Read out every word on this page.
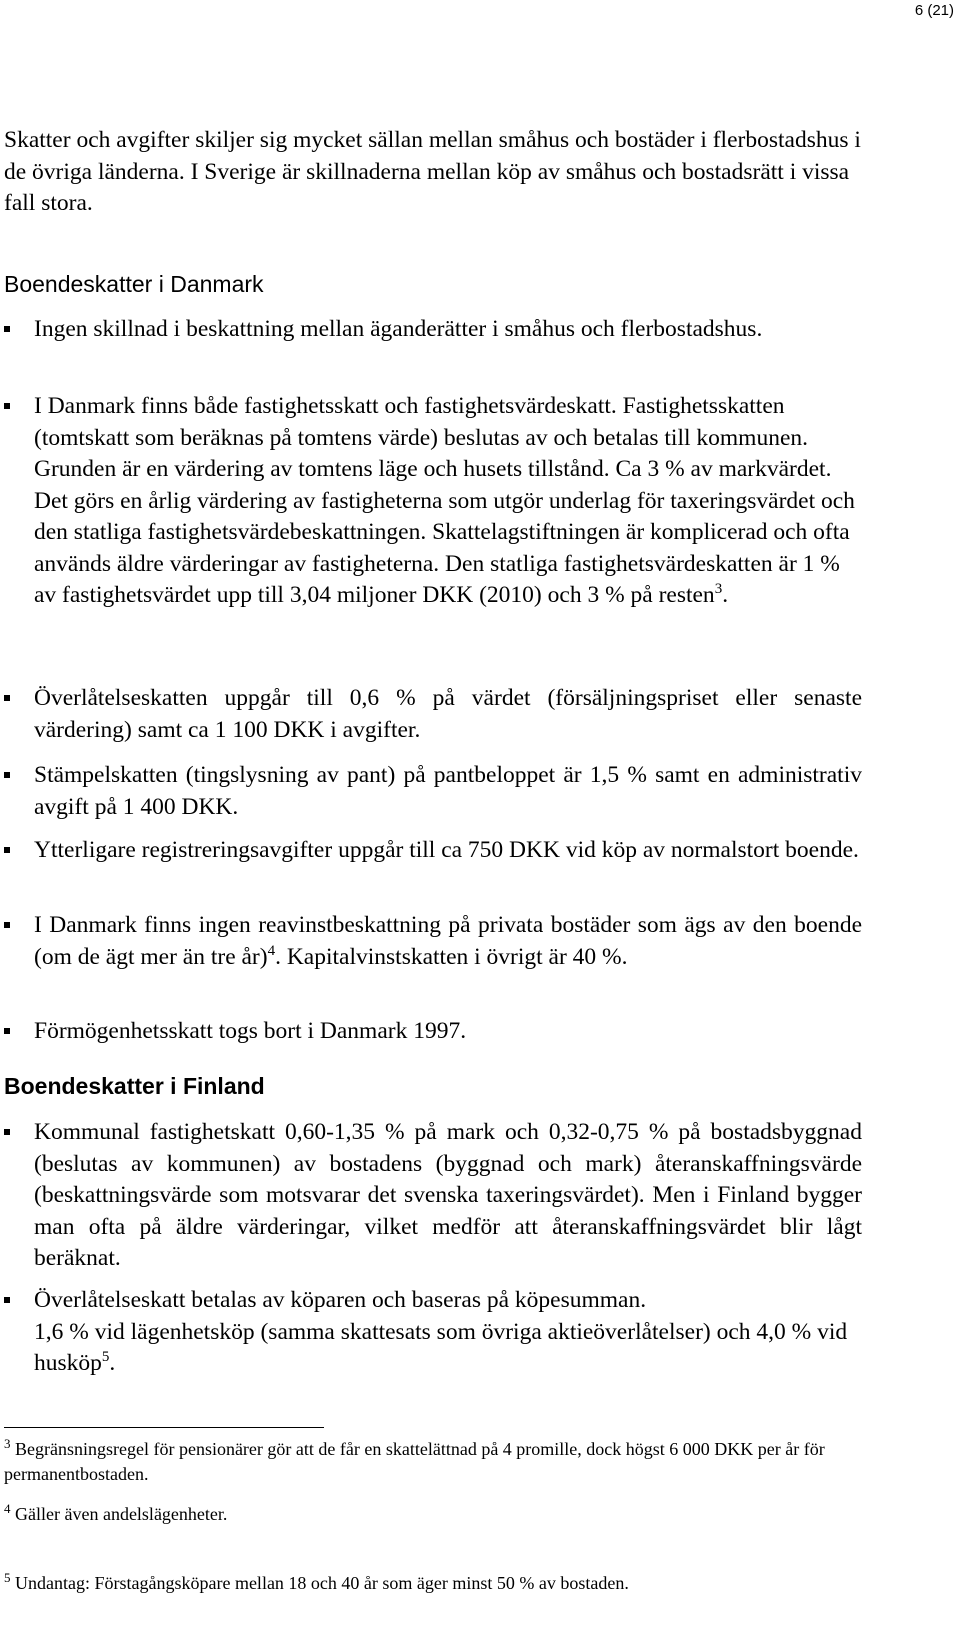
6 (21)

Skatter och avgifter skiljer sig mycket sällan mellan småhus och bostäder i flerbostadshus i de övriga länderna. I Sverige är skillnaderna mellan köp av småhus och bostadsrätt i vissa fall stora.

Boendeskatter i Danmark
Ingen skillnad i beskattning mellan äganderätter i småhus och flerbostadshus.
I Danmark finns både fastighetsskatt och fastighetsvärdeskatt. Fastighetsskatten (tomtskatt som beräknas på tomtens värde) beslutas av och betalas till kommunen. Grunden är en värdering av tomtens läge och husets tillstånd. Ca 3 % av markvärdet. Det görs en årlig värdering av fastigheterna som utgör underlag för taxeringsvärdet och den statliga fastighetsvärdebeskattningen. Skattelagstiftningen är komplicerad och ofta används äldre värderingar av fastigheterna. Den statliga fastighetsvärdeskatten är 1 % av fastighetsvärdet upp till 3,04 miljoner DKK (2010) och 3 % på resten$^3$.
Överlåtelseskatten uppgår till 0,6 % på värdet (försäljningspriset eller senaste värdering) samt ca 1 100 DKK i avgifter.
Stämpelskatten (tingslysning av pant) på pantbeloppet är 1,5 % samt en administrativ avgift på 1 400 DKK.
Ytterligare registreringsavgifter uppgår till ca 750 DKK vid köp av normalstort boende.
I Danmark finns ingen reavinstbeskattning på privata bostäder som ägs av den boende (om de ägt mer än tre år)$^4$. Kapitalvinstskatten i övrigt är 40 %.
Förmögenhetsskatt togs bort i Danmark 1997.
Boendeskatter i Finland
Kommunal fastighetskatt 0,60-1,35 % på mark och 0,32-0,75 % på bostadsbyggnad (beslutas av kommunen) av bostadens (byggnad och mark) återanskaffningsvärde (beskattningsvärde som motsvarar det svenska taxeringsvärdet). Men i Finland bygger man ofta på äldre värderingar, vilket medför att återanskaffningsvärdet blir lågt beräknat.
Överlåtelseskatt betalas av köparen och baseras på köpesumman.
1,6 % vid lägenhetsköp (samma skattesats som övriga aktieöverlåtelser) och 4,0 % vid husköp$^5$.
$^3$ Begränsningsregel för pensionärer gör att de får en skattelättnad på 4 promille, dock högst 6 000 DKK per år för permanentbostaden.
$^4$ Gäller även andelslägenheter.
$^5$ Undantag: Förstagångsköpare mellan 18 och 40 år som äger minst 50 % av bostaden.
